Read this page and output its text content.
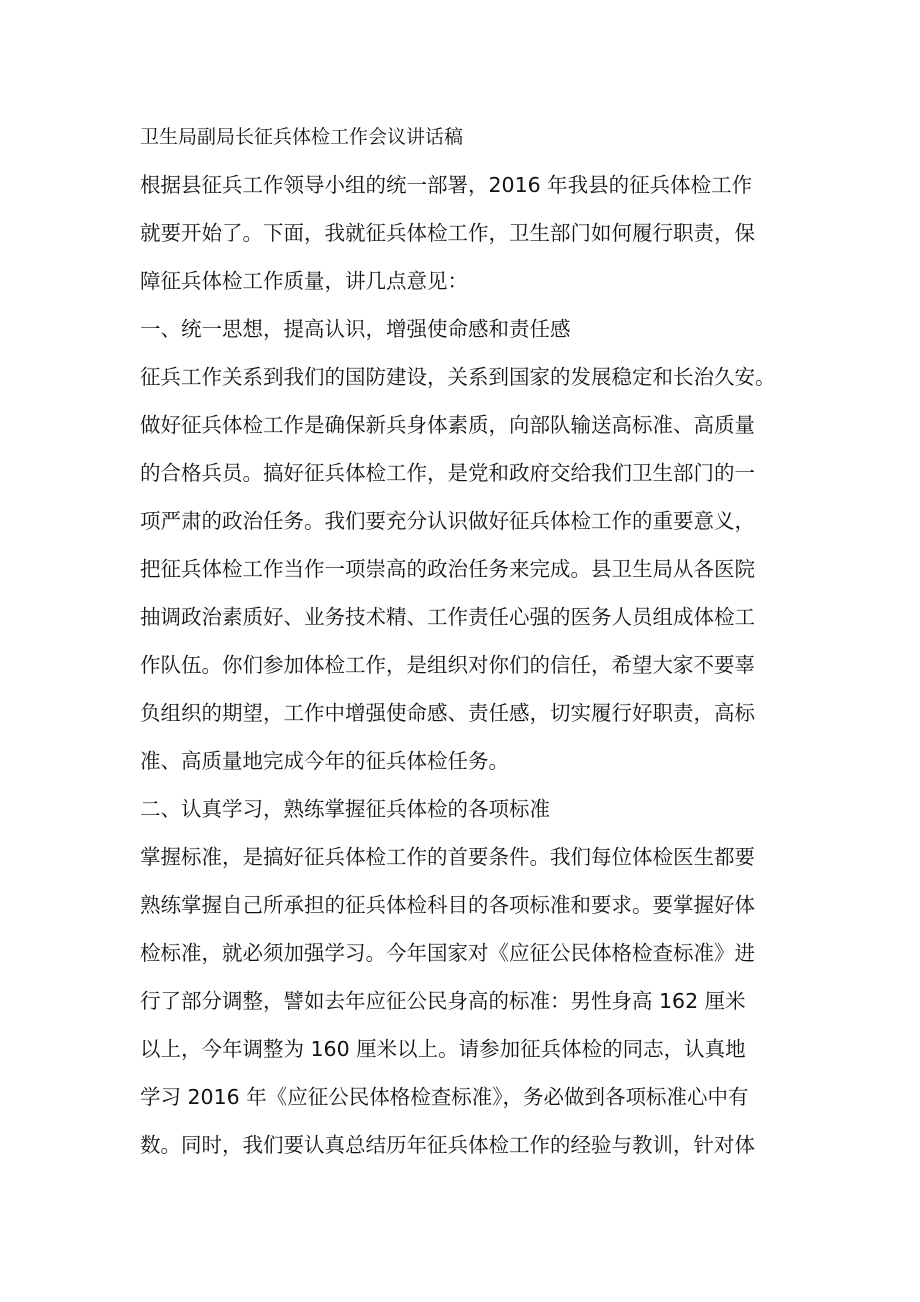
卫生局副局长征兵体检工作会议讲话稿
根据县征兵工作领导小组的统一部署，2016 年我县的征兵体检工作
就要开始了。下面，我就征兵体检工作，卫生部门如何履行职责，保
障征兵体检工作质量，讲几点意见：
一、统一思想，提高认识，增强使命感和责任感
征兵工作关系到我们的国防建设，关系到国家的发展稳定和长治久安。
做好征兵体检工作是确保新兵身体素质，向部队输送高标准、高质量
的合格兵员。搞好征兵体检工作，是党和政府交给我们卫生部门的一
项严肃的政治任务。我们要充分认识做好征兵体检工作的重要意义，
把征兵体检工作当作一项崇高的政治任务来完成。县卫生局从各医院
抽调政治素质好、业务技术精、工作责任心强的医务人员组成体检工
作队伍。你们参加体检工作，是组织对你们的信任，希望大家不要辜
负组织的期望，工作中增强使命感、责任感，切实履行好职责，高标
准、高质量地完成今年的征兵体检任务。
二、认真学习，熟练掌握征兵体检的各项标准
掌握标准，是搞好征兵体检工作的首要条件。我们每位体检医生都要
熟练掌握自己所承担的征兵体检科目的各项标准和要求。要掌握好体
检标准，就必须加强学习。今年国家对《应征公民体格检查标准》进
行了部分调整，譬如去年应征公民身高的标准：男性身高 162 厘米
以上，今年调整为 160 厘米以上。请参加征兵体检的同志，认真地
学习 2016 年《应征公民体格检查标准》，务必做到各项标准心中有
数。同时，我们要认真总结历年征兵体检工作的经验与教训，针对体
